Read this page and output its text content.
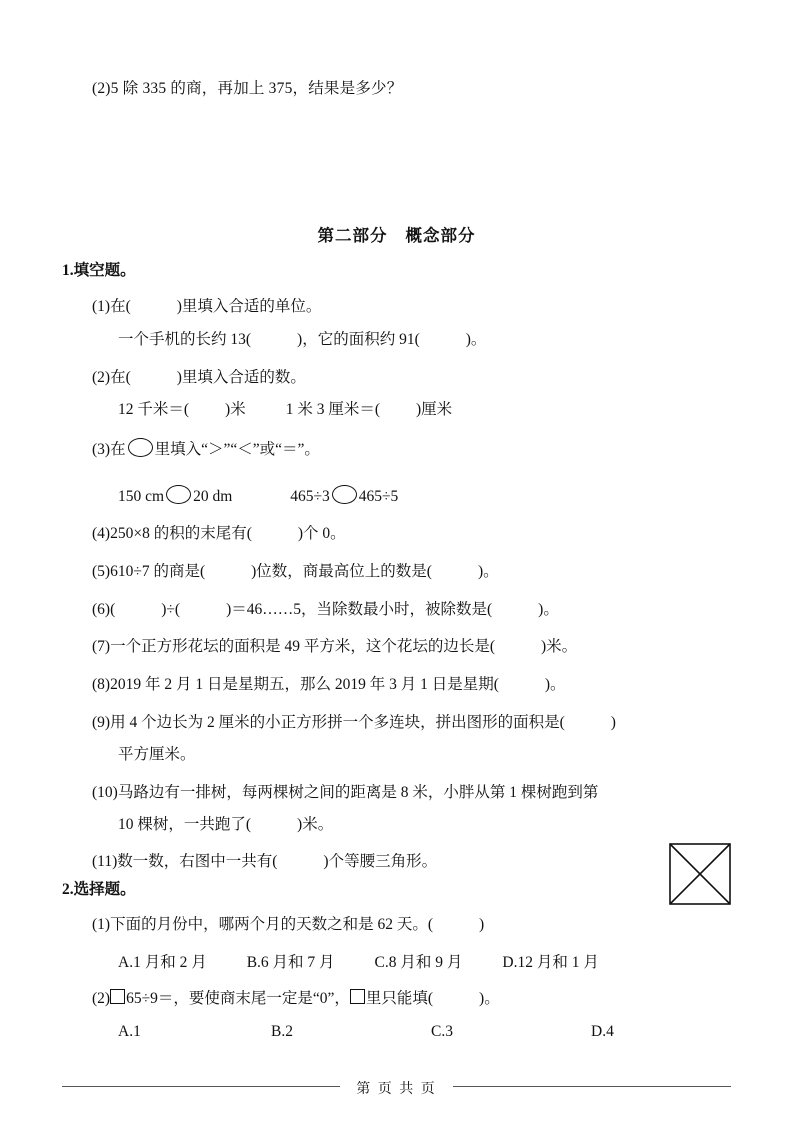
(2)5 除 335 的商，再加上 375，结果是多少？
第二部分 概念部分
1.填空题。
(1)在(	)里填入合适的单位。
一个手机的长约 13(	)，它的面积约 91(	)。
(2)在(	)里填入合适的数。
12 千米＝( )米	1 米 3 厘米＝( )厘米
(3)在 里填入“＞”“＜”或“＝”。
150 cm 20 dm	465÷3 465÷5
(4)250×8 的积的末尾有(	)个 0。
(5)610÷7 的商是(	)位数，商最高位上的数是(	)。
(6)(	)÷(	)＝46……5，当除数最小时，被除数是(	)。
(7)一个正方形花坛的面积是 49 平方米，这个花坛的边长是(	)米。
(8)2019 年 2 月 1 日是星期五，那么 2019 年 3 月 1 日是星期(	)。
(9)用 4 个边长为 2 厘米的小正方形拼一个多连块，拼出图形的面积是(	)
平方厘米。
(10)马路边有一排树，每两棵树之间的距离是 8 米，小胖从第 1 棵树跑到第
10 棵树，一共跑了(	)米。
(11)数一数，右图中一共有(	)个等腰三角形。
2.选择题。
(1)下面的月份中，哪两个月的天数之和是 62 天。(	)
A.1 月和 2 月	B.6 月和 7 月	C.8 月和 9 月	D.12 月和 1 月
(2) 65÷9＝，要使商末尾一定是“0”， 里只能填(	)。
A.1	B.2	C.3	D.4
第 页 共 页
